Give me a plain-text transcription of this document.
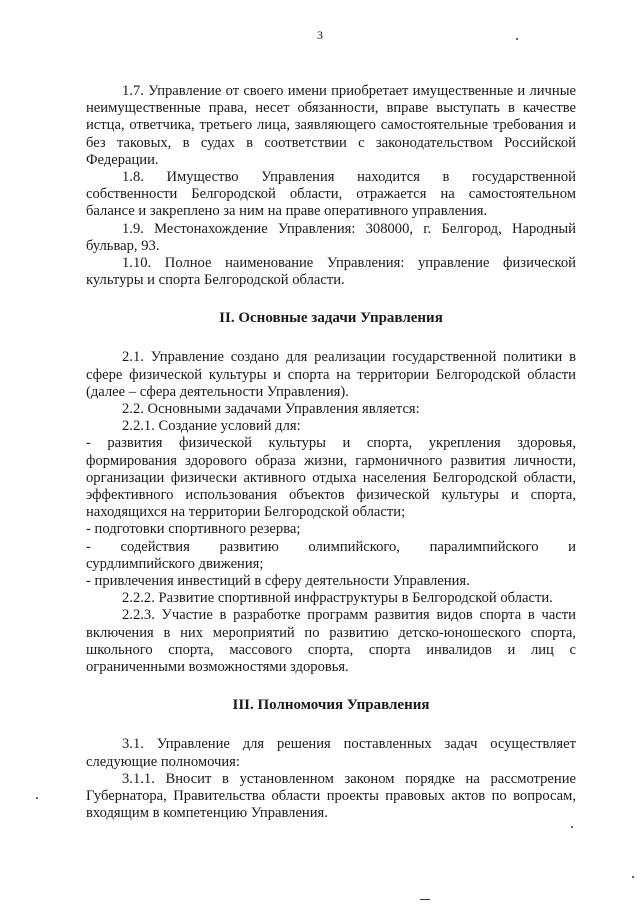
3

1.7. Управление от своего имени приобретает имущественные и личные неимущественные права, несет обязанности, вправе выступать в качестве истца, ответчика, третьего лица, заявляющего самостоятельные требования и без таковых, в судах в соответствии с законодательством Российской Федерации.

1.8. Имущество Управления находится в государственной

собственности Белгородской области, отражается на самостоятельном балансе и закреплено за ним на праве оперативного управления.

1.9. Местонахождение Управления: 308000, г. Белгород, Народный бульвар, 93.

1.10. Полное наименование Управления: управление физической культуры и спорта Белгородской области.

II. Основные задачи Управления

2.1. Управление создано для реализации государственной политики в сфере физической культуры и спорта на территории Белгородской области (далее – сфера деятельности Управления).

2.2. Основными задачами Управления является:

2.2.1. Создание условий для:

- развития физической культуры и спорта, укрепления здоровья, формирования здорового образа жизни, гармоничного развития личности, организации физически активного отдыха населения Белгородской области, эффективного использования объектов физической культуры и спорта, находящихся на территории Белгородской области;

- подготовки спортивного резерва;

- содействия развитию олимпийского, паралимпийского и

сурдлимпийского движения;

- привлечения инвестиций в сферу деятельности Управления.

2.2.2. Развитие спортивной инфраструктуры в Белгородской области.

2.2.3. Участие в разработке программ развития видов спорта в части включения в них мероприятий по развитию детско-юношеского спорта, школьного спорта, массового спорта, спорта инвалидов и лиц с ограниченными возможностями здоровья.

III. Полномочия Управления

3.1. Управление для решения поставленных задач осуществляет следующие полномочия:

3.1.1. Вносит в установленном законом порядке на рассмотрение Губернатора, Правительства области проекты правовых актов по вопросам, входящим в компетенцию Управления.
